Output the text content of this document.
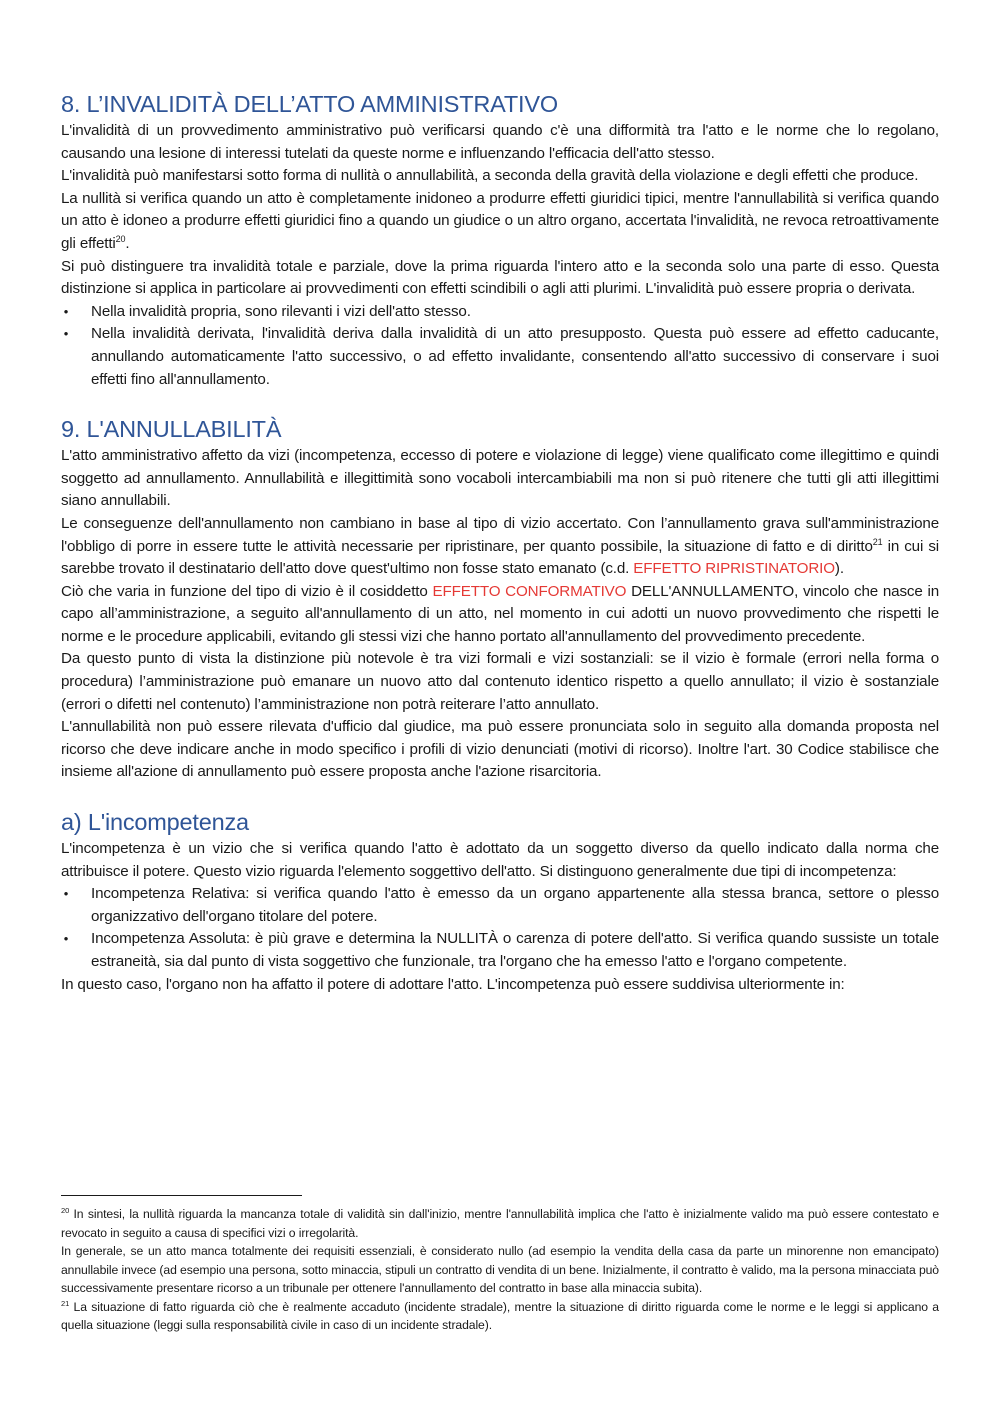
8. L’INVALIDITÀ DELL’ATTO AMMINISTRATIVO

L'invalidità di un provvedimento amministrativo può verificarsi quando c'è una difformità tra l'atto e le norme che lo regolano, causando una lesione di interessi tutelati da queste norme e influenzando l'efficacia dell'atto stesso.

L'invalidità può manifestarsi sotto forma di nullità o annullabilità, a seconda della gravità della violazione e degli effetti che produce.

La nullità si verifica quando un atto è completamente inidoneo a produrre effetti giuridici tipici, mentre l'annullabilità si verifica quando un atto è idoneo a produrre effetti giuridici fino a quando un giudice o un altro organo, accertata l'invalidità, ne revoca retroattivamente gli effetti$^{20}$.

Si può distinguere tra invalidità totale e parziale, dove la prima riguarda l'intero atto e la seconda solo una parte di esso. Questa distinzione si applica in particolare ai provvedimenti con effetti scindibili o agli atti plurimi. L'invalidità può essere propria o derivata.

• Nella invalidità propria, sono rilevanti i vizi dell'atto stesso.
• Nella invalidità derivata, l'invalidità deriva dalla invalidità di un atto presupposto. Questa può essere ad effetto caducante, annullando automaticamente l'atto successivo, o ad effetto invalidante, consentendo all'atto successivo di conservare i suoi effetti fino all'annullamento.
9. L'ANNULLABILITÀ

L'atto amministrativo affetto da vizi (incompetenza, eccesso di potere e violazione di legge) viene qualificato come illegittimo e quindi soggetto ad annullamento. Annullabilità e illegittimità sono vocaboli intercambiabili ma non si può ritenere che tutti gli atti illegittimi siano annullabili.

Le conseguenze dell'annullamento non cambiano in base al tipo di vizio accertato. Con l’annullamento grava sull'amministrazione l'obbligo di porre in essere tutte le attività necessarie per ripristinare, per quanto possibile, la situazione di fatto e di diritto$^{21}$ in cui si sarebbe trovato il destinatario dell'atto dove quest'ultimo non fosse stato emanato (c.d. EFFETTO RIPRISTINATORIO).

Ciò che varia in funzione del tipo di vizio è il cosiddetto EFFETTO CONFORMATIVO DELL'ANNULLAMENTO, vincolo che nasce in capo all’amministrazione, a seguito all'annullamento di un atto, nel momento in cui adotti un nuovo provvedimento che rispetti le norme e le procedure applicabili, evitando gli stessi vizi che hanno portato all'annullamento del provvedimento precedente.

Da questo punto di vista la distinzione più notevole è tra vizi formali e vizi sostanziali: se il vizio è formale (errori nella forma o procedura) l’amministrazione può emanare un nuovo atto dal contenuto identico rispetto a quello annullato; il vizio è sostanziale (errori o difetti nel contenuto) l’amministrazione non potrà reiterare l’atto annullato.

L'annullabilità non può essere rilevata d'ufficio dal giudice, ma può essere pronunciata solo in seguito alla domanda proposta nel ricorso che deve indicare anche in modo specifico i profili di vizio denunciati (motivi di ricorso). Inoltre l'art. 30 Codice stabilisce che insieme all'azione di annullamento può essere proposta anche l'azione risarcitoria.

a) L'incompetenza

L'incompetenza è un vizio che si verifica quando l'atto è adottato da un soggetto diverso da quello indicato dalla norma che attribuisce il potere. Questo vizio riguarda l'elemento soggettivo dell'atto. Si distinguono generalmente due tipi di incompetenza:

• Incompetenza Relativa: si verifica quando l'atto è emesso da un organo appartenente alla stessa branca, settore o plesso organizzativo dell'organo titolare del potere.
• Incompetenza Assoluta: è più grave e determina la NULLITÀ o carenza di potere dell'atto. Si verifica quando sussiste un totale estraneità, sia dal punto di vista soggettivo che funzionale, tra l'organo che ha emesso l'atto e l'organo competente.

In questo caso, l'organo non ha affatto il potere di adottare l'atto. L'incompetenza può essere suddivisa ulteriormente in:

$^{20}$ In sintesi, la nullità riguarda la mancanza totale di validità sin dall'inizio, mentre l'annullabilità implica che l'atto è inizialmente valido ma può essere contestato e revocato in seguito a causa di specifici vizi o irregolarità.

In generale, se un atto manca totalmente dei requisiti essenziali, è considerato nullo (ad esempio la vendita della casa da parte un minorenne non emancipato) annullabile invece (ad esempio una persona, sotto minaccia, stipuli un contratto di vendita di un bene. Inizialmente, il contratto è valido, ma la persona minacciata può successivamente presentare ricorso a un tribunale per ottenere l'annullamento del contratto in base alla minaccia subita).

$^{21}$ La situazione di fatto riguarda ciò che è realmente accaduto (incidente stradale), mentre la situazione di diritto riguarda come le norme e le leggi si applicano a quella situazione (leggi sulla responsabilità civile in caso di un incidente stradale).
